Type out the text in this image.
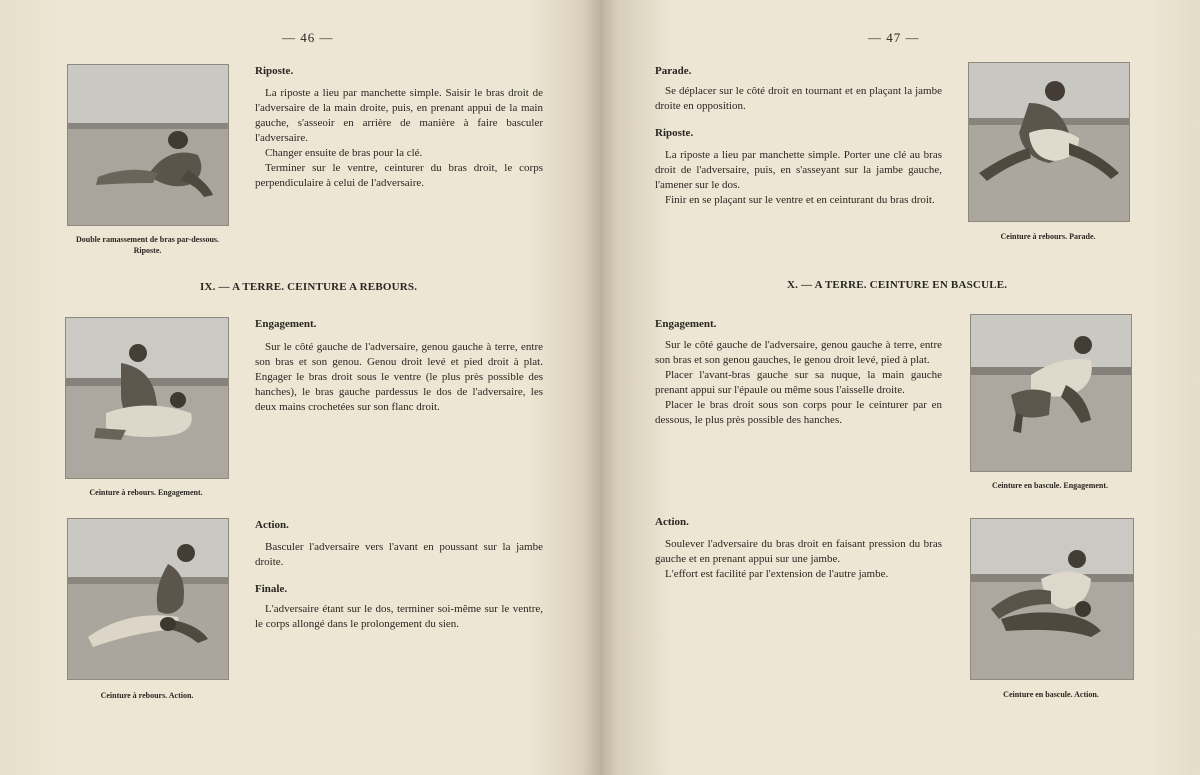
— 46 —
Double ramassement de bras par-dessous.
Riposte.
Riposte.

La riposte a lieu par manchette simple. Saisir le bras droit de l'adversaire de la main droite, puis, en prenant appui de la main gauche, s'asseoir en arrière de manière à faire basculer l'adversaire.

Changer ensuite de bras pour la clé.

Terminer sur le ventre, ceinturer du bras droit, le corps perpendiculaire à celui de l'adversaire.

IX. — A TERRE. CEINTURE A REBOURS.
Ceinture à rebours. Engagement.
Engagement.

Sur le côté gauche de l'adversaire, genou gauche à terre, entre son bras et son genou. Genou droit levé et pied droit à plat. Engager le bras droit sous le ventre (le plus près possible des hanches), le bras gauche pardessus le dos de l'adversaire, les deux mains crochetées sur son flanc droit.

Ceinture à rebours. Action.
Action.

Basculer l'adversaire vers l'avant en poussant sur la jambe droite.

Finale.

L'adversaire étant sur le dos, terminer soi-même sur le ventre, le corps allongé dans le prolongement du sien.

— 47 —
Parade.

Se déplacer sur le côté droit en tournant et en plaçant la jambe droite en opposition.

Riposte.

La riposte a lieu par manchette simple. Porter une clé au bras droit de l'adversaire, puis, en s'asseyant sur la jambe gauche, l'amener sur le dos.

Finir en se plaçant sur le ventre et en ceinturant du bras droit.

Ceinture à rebours. Parade.
X. — A TERRE. CEINTURE EN BASCULE.
Engagement.

Sur le côté gauche de l'adversaire, genou gauche à terre, entre son bras et son genou gauches, le genou droit levé, pied à plat.

Placer l'avant-bras gauche sur sa nuque, la main gauche prenant appui sur l'épaule ou même sous l'aisselle droite.

Placer le bras droit sous son corps pour le ceinturer par en dessous, le plus près possible des hanches.

Ceinture en bascule. Engagement.
Action.

Soulever l'adversaire du bras droit en faisant pression du bras gauche et en prenant appui sur une jambe.

L'effort est facilité par l'extension de l'autre jambe.

Ceinture en bascule. Action.
